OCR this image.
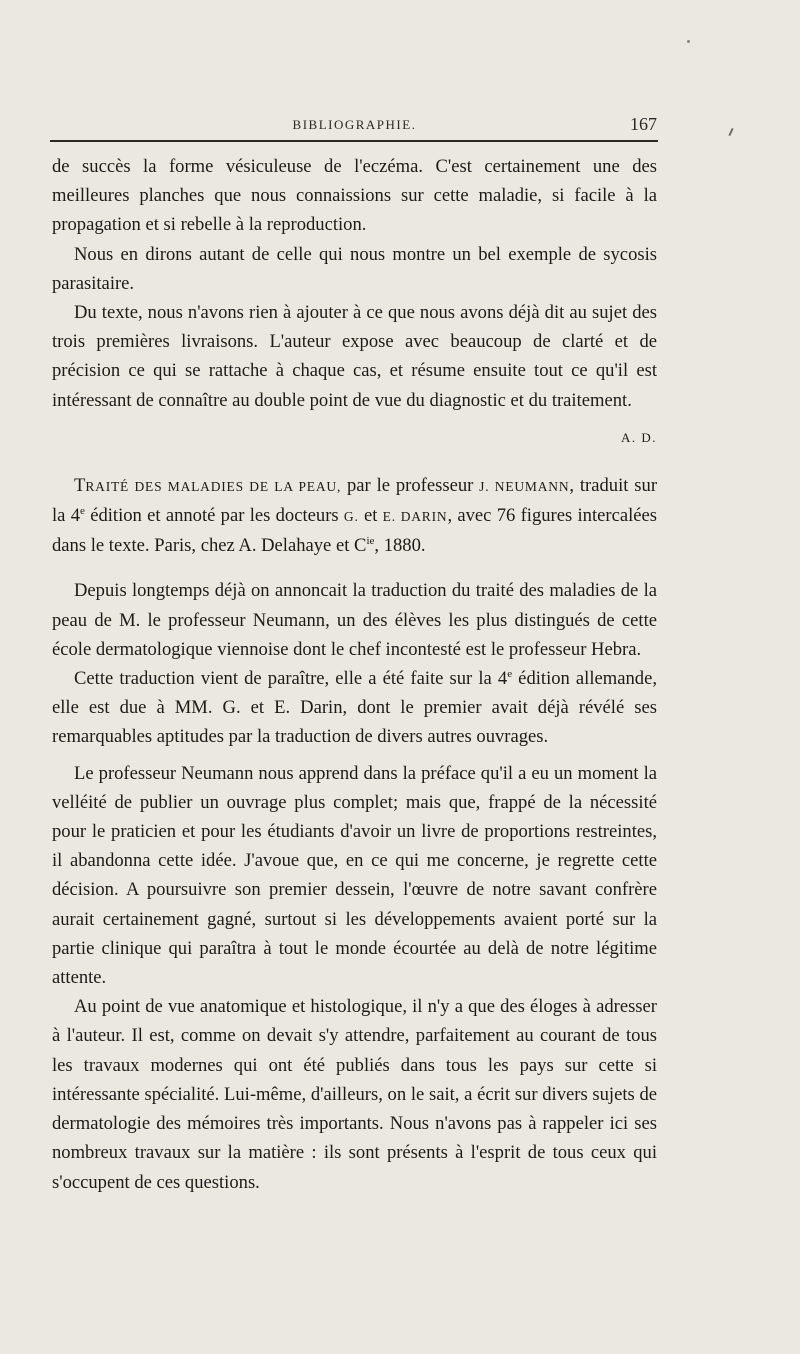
BIBLIOGRAPHIE.	167

de succès la forme vésiculeuse de l'eczéma. C'est certainement une des meilleures planches que nous connaissions sur cette maladie, si facile à la propagation et si rebelle à la reproduction.

Nous en dirons autant de celle qui nous montre un bel exemple de sycosis parasitaire.

Du texte, nous n'avons rien à ajouter à ce que nous avons déjà dit au sujet des trois premières livraisons. L'auteur expose avec beaucoup de clarté et de précision ce qui se rattache à chaque cas, et résume ensuite tout ce qu'il est intéressant de connaître au double point de vue du diagnostic et du traitement.
A. D.

TRAITÉ DES MALADIES DE LA PEAU, par le professeur J. NEUMANN, traduit sur la 4e édition et annoté par les docteurs G. et E. DARIN, avec 76 figures intercalées dans le texte. Paris, chez A. Delahaye et $C^{ie}$, 1880.

Depuis longtemps déjà on annoncait la traduction du traité des maladies de la peau de M. le professeur Neumann, un des élèves les plus distingués de cette école dermatologique viennoise dont le chef incontesté est le professeur Hebra.

Cette traduction vient de paraître, elle a été faite sur la 4e édition allemande, elle est due à MM. G. et E. Darin, dont le premier avait déjà révélé ses remarquables aptitudes par la traduction de divers autres ouvrages.

Le professeur Neumann nous apprend dans la préface qu'il a eu un moment la velléité de publier un ouvrage plus complet; mais que, frappé de la nécessité pour le praticien et pour les étudiants d'avoir un livre de proportions restreintes, il abandonna cette idée. J'avoue que, en ce qui me concerne, je regrette cette décision. A poursuivre son premier dessein, l'œuvre de notre savant confrère aurait certainement gagné, surtout si les développements avaient porté sur la partie clinique qui paraîtra à tout le monde écourtée au delà de notre légitime attente.

Au point de vue anatomique et histologique, il n'y a que des éloges à adresser à l'auteur. Il est, comme on devait s'y attendre, parfaitement au courant de tous les travaux modernes qui ont été publiés dans tous les pays sur cette si intéressante spécialité. Lui-même, d'ailleurs, on le sait, a écrit sur divers sujets de dermatologie des mémoires très importants. Nous n'avons pas à rappeler ici ses nombreux travaux sur la matière : ils sont présents à l'esprit de tous ceux qui s'occupent de ces questions.
